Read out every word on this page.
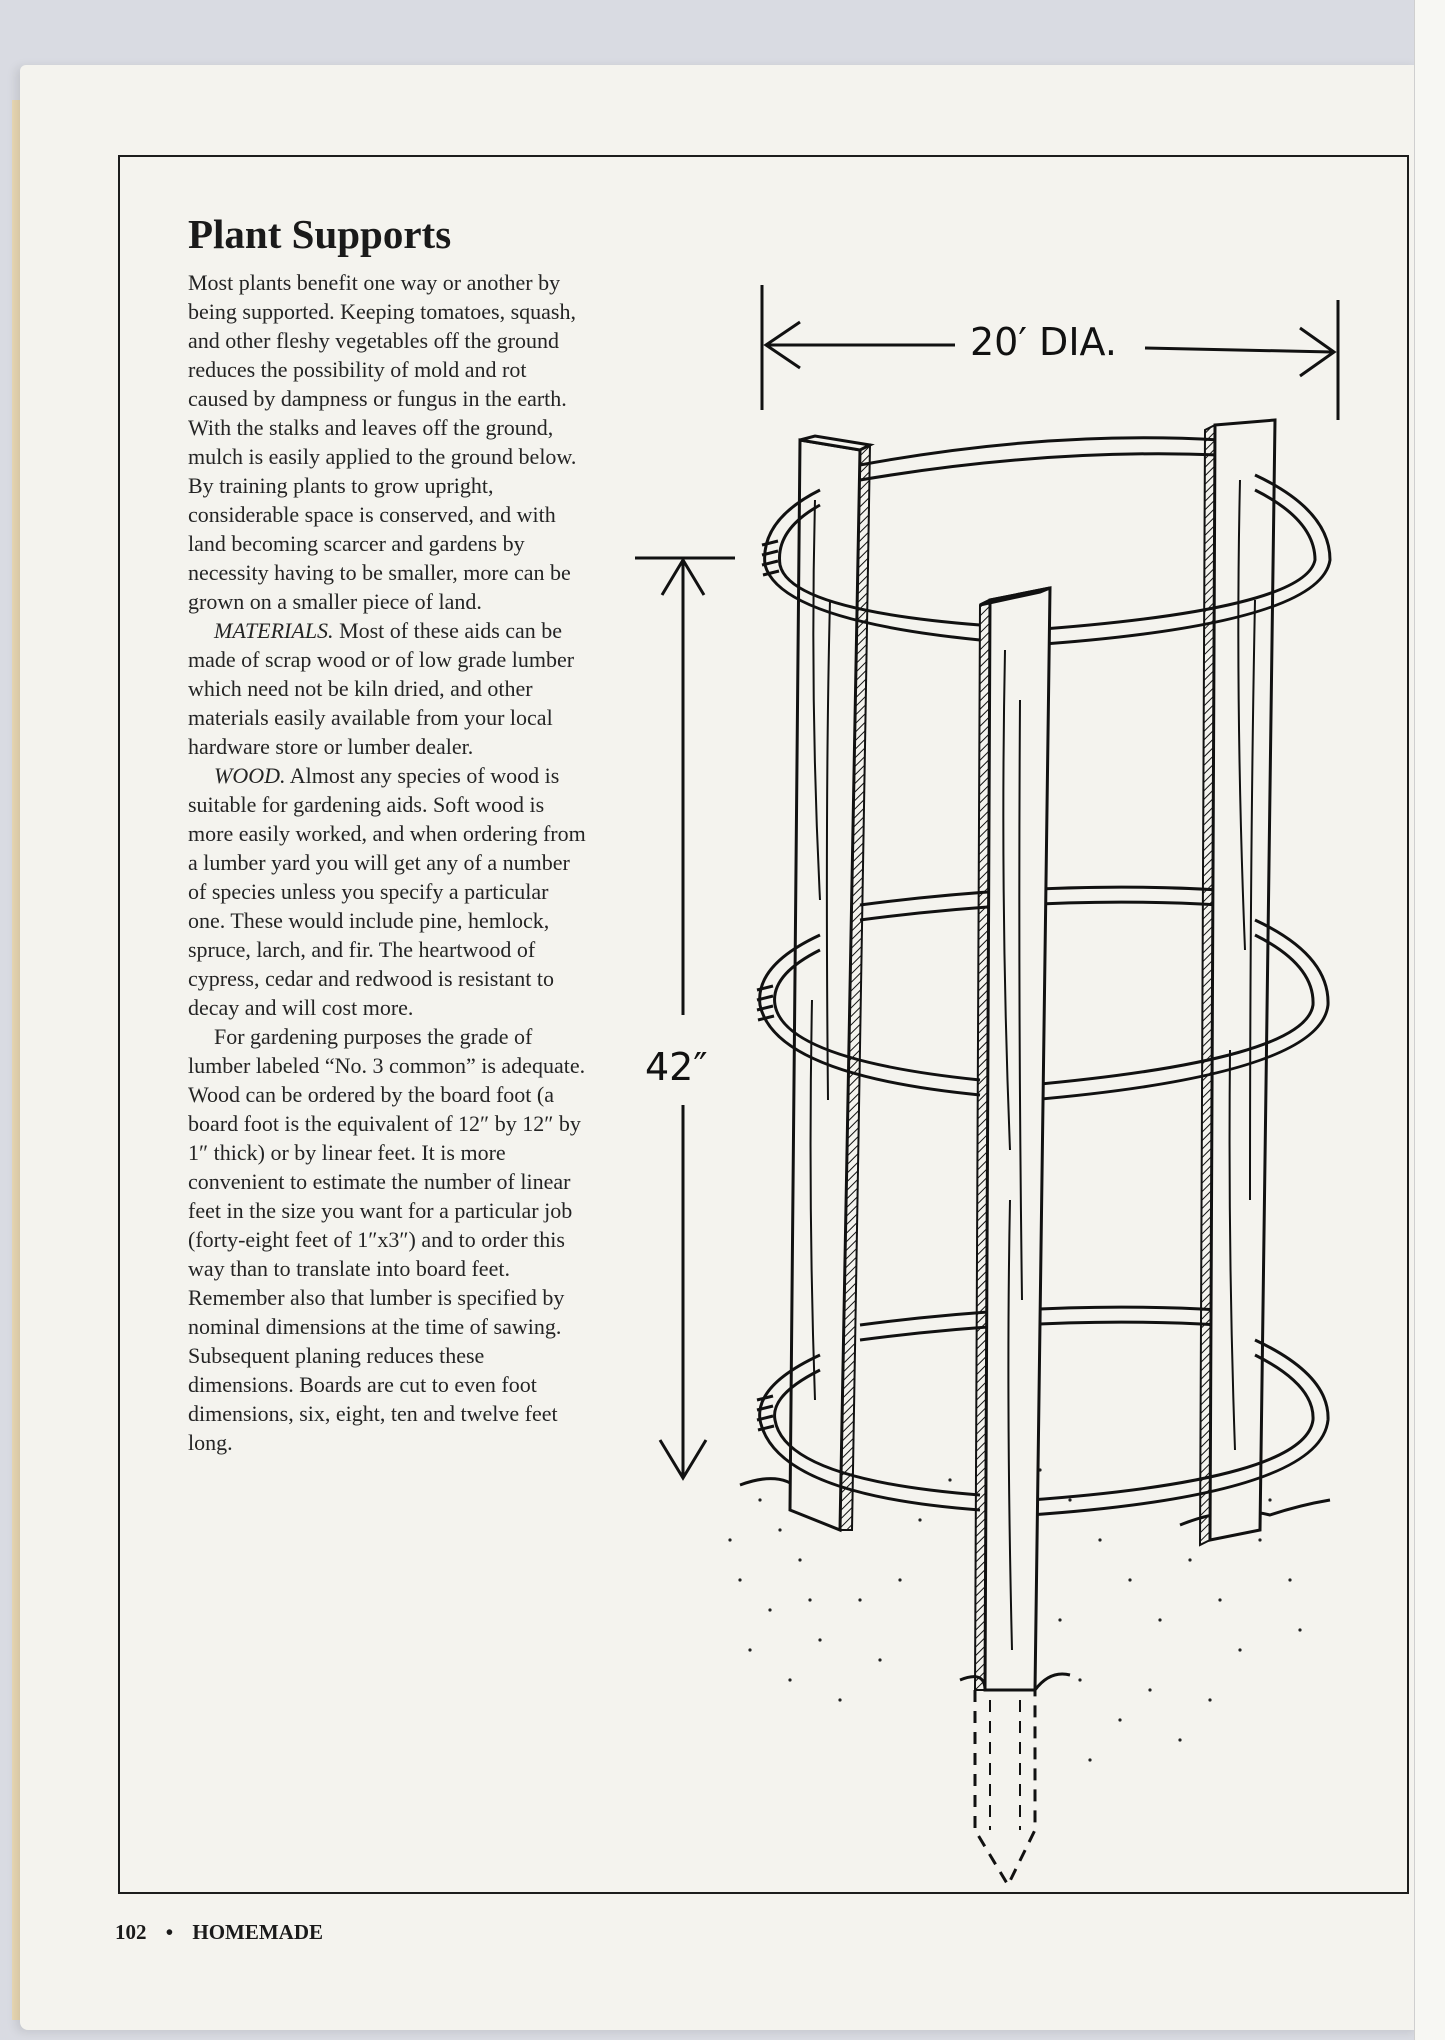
Plant Supports

Most plants benefit one way or another by being supported. Keeping tomatoes, squash, and other fleshy vegetables off the ground reduces the possibility of mold and rot caused by dampness or fungus in the earth. With the stalks and leaves off the ground, mulch is easily applied to the ground below. By training plants to grow upright, considerable space is conserved, and with land becoming scarcer and gardens by necessity having to be smaller, more can be grown on a smaller piece of land.

MATERIALS. Most of these aids can be made of scrap wood or of low grade lumber which need not be kiln dried, and other materials easily available from your local hardware store or lumber dealer.

WOOD. Almost any species of wood is suitable for gardening aids. Soft wood is more easily worked, and when ordering from a lumber yard you will get any of a number of species unless you specify a particular one. These would include pine, hemlock, spruce, larch, and fir. The heartwood of cypress, cedar and redwood is resistant to decay and will cost more.

For gardening purposes the grade of lumber labeled “No. 3 common” is adequate. Wood can be ordered by the board foot (a board foot is the equivalent of 12″ by 12″ by 1″ thick) or by linear feet. It is more convenient to estimate the number of linear feet in the size you want for a particular job (forty-eight feet of 1″x3″) and to order this way than to translate into board feet. Remember also that lumber is specified by nominal dimensions at the time of sawing. Subsequent planing reduces these dimensions. Boards are cut to even foot dimensions, six, eight, ten and twelve feet long.

20′ DIA.
42″
102 • HOMEMADE
